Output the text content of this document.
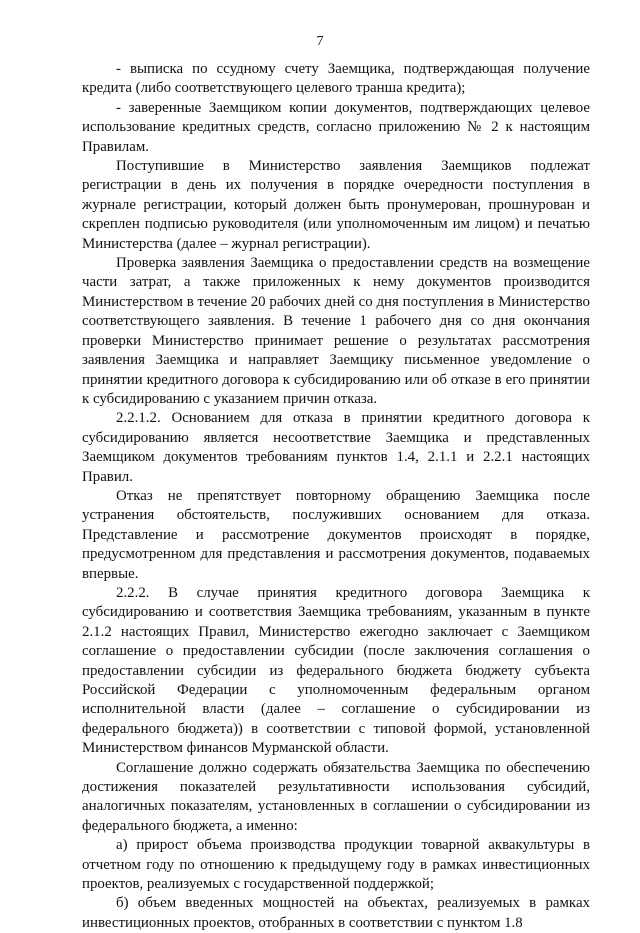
7

- выписка по ссудному счету Заемщика, подтверждающая получение кредита (либо соответствующего целевого транша кредита);

- заверенные Заемщиком копии документов, подтверждающих целевое использование кредитных средств, согласно приложению № 2 к настоящим Правилам.

Поступившие в Министерство заявления Заемщиков подлежат регистрации в день их получения в порядке очередности поступления в журнале регистрации, который должен быть пронумерован, прошнурован и скреплен подписью руководителя (или уполномоченным им лицом) и печатью Министерства (далее – журнал регистрации).

Проверка заявления Заемщика о предоставлении средств на возмещение части затрат, а также приложенных к нему документов производится Министерством в течение 20 рабочих дней со дня поступления в Министерство соответствующего заявления. В течение 1 рабочего дня со дня окончания проверки Министерство принимает решение о результатах рассмотрения заявления Заемщика и направляет Заемщику письменное уведомление о принятии кредитного договора к субсидированию или об отказе в его принятии к субсидированию с указанием причин отказа.

2.2.1.2. Основанием для отказа в принятии кредитного договора к субсидированию является несоответствие Заемщика и представленных Заемщиком документов требованиям пунктов 1.4, 2.1.1 и 2.2.1 настоящих Правил.

Отказ не препятствует повторному обращению Заемщика после устранения обстоятельств, послуживших основанием для отказа. Представление и рассмотрение документов происходят в порядке, предусмотренном для представления и рассмотрения документов, подаваемых впервые.

2.2.2. В случае принятия кредитного договора Заемщика к субсидированию и соответствия Заемщика требованиям, указанным в пункте 2.1.2 настоящих Правил, Министерство ежегодно заключает с Заемщиком соглашение о предоставлении субсидии (после заключения соглашения о предоставлении субсидии из федерального бюджета бюджету субъекта Российской Федерации с уполномоченным федеральным органом исполнительной власти (далее – соглашение о субсидировании из федерального бюджета)) в соответствии с типовой формой, установленной Министерством финансов Мурманской области.

Соглашение должно содержать обязательства Заемщика по обеспечению достижения показателей результативности использования субсидий, аналогичных показателям, установленных в соглашении о субсидировании из федерального бюджета, а именно:

а) прирост объема производства продукции товарной аквакультуры в отчетном году по отношению к предыдущему году в рамках инвестиционных проектов, реализуемых с государственной поддержкой;

б) объем введенных мощностей на объектах, реализуемых в рамках инвестиционных проектов, отобранных в соответствии с пунктом 1.8
